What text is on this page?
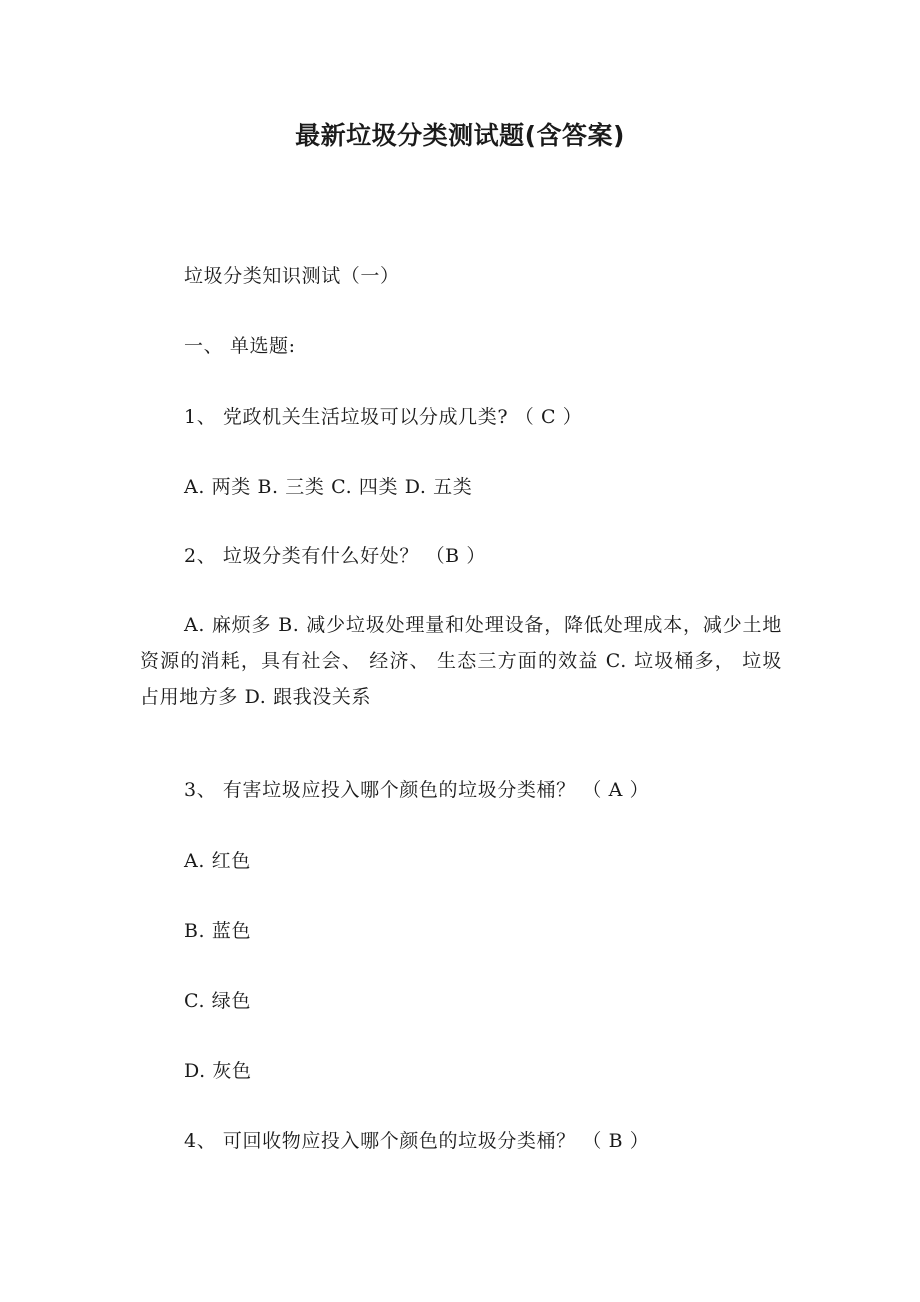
最新垃圾分类测试题(含答案)

垃圾分类知识测试（一）

一、 单选题:

1、 党政机关生活垃圾可以分成几类? （ C ）

A. 两类 B. 三类 C. 四类 D. 五类

2、 垃圾分类有什么好处？ （B ）

A. 麻烦多 B. 减少垃圾处理量和处理设备，降低处理成本，减少土地资源的消耗，具有社会、 经济、 生态三方面的效益 C. 垃圾桶多， 垃圾占用地方多 D. 跟我没关系

3、 有害垃圾应投入哪个颜色的垃圾分类桶？ （ A ）

A. 红色

B. 蓝色

C. 绿色

D. 灰色

4、 可回收物应投入哪个颜色的垃圾分类桶？ （ B ）
